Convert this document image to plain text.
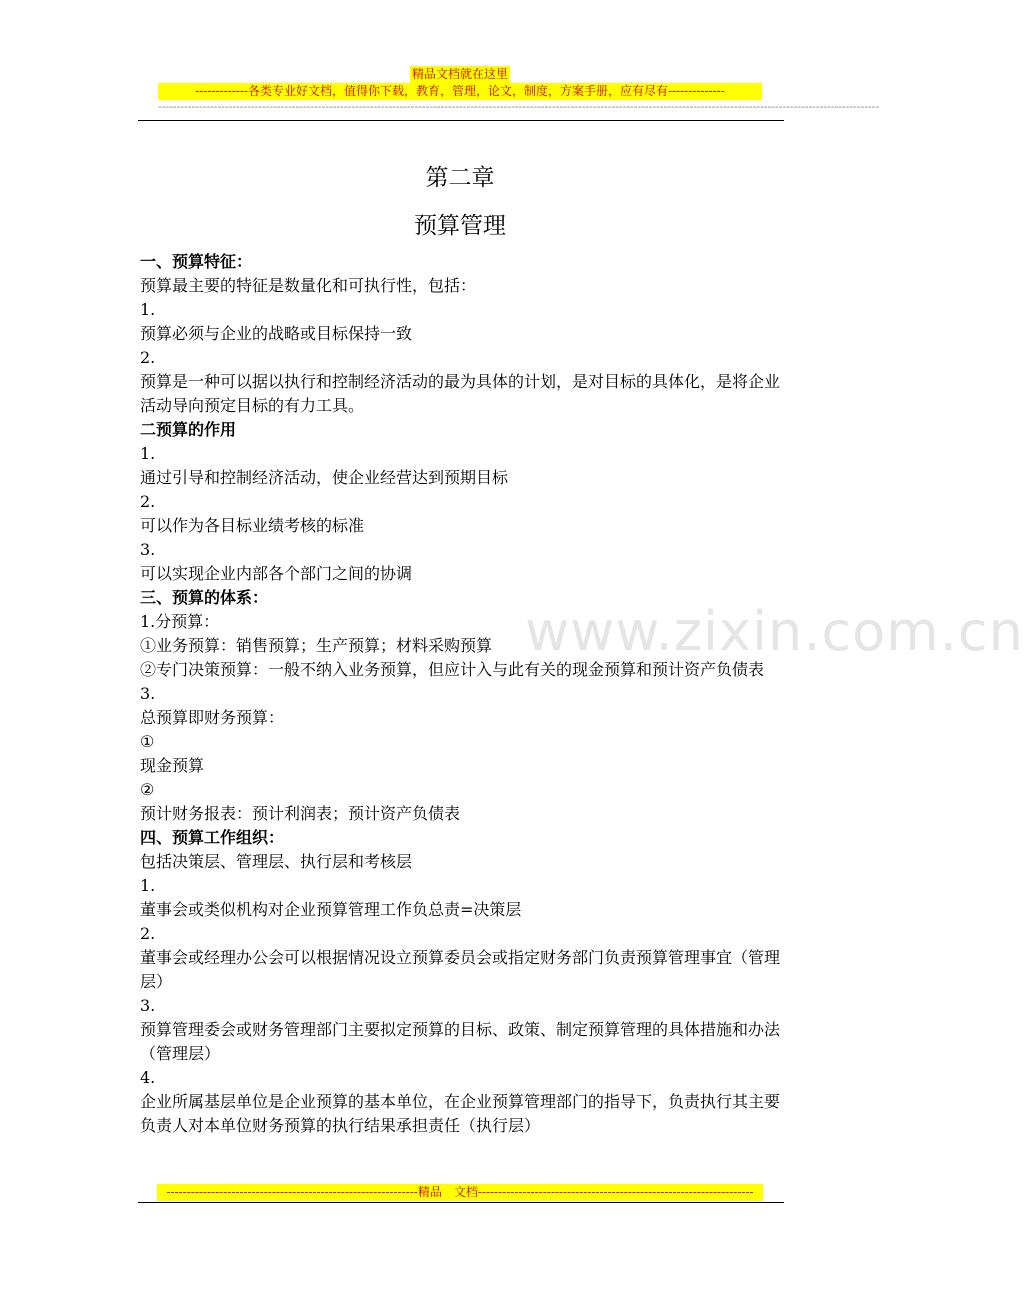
精品文档就在这里
-------------各类专业好文档，值得你下载，教育，管理，论文，制度，方案手册，应有尽有--------------
--------------------------------------------------------------------------------------------------------------------------------------------------------------------------------------------------
第二章
预算管理
一、预算特征：
预算最主要的特征是数量化和可执行性，包括：
1.
预算必须与企业的战略或目标保持一致
2.
预算是一种可以据以执行和控制经济活动的最为具体的计划，是对目标的具体化，是将企业活动导向预定目标的有力工具。
二预算的作用
1.
通过引导和控制经济活动，使企业经营达到预期目标
2.
可以作为各目标业绩考核的标准
3.
可以实现企业内部各个部门之间的协调
三、预算的体系：
1.分预算：
①业务预算：销售预算；生产预算；材料采购预算
②专门决策预算：一般不纳入业务预算，但应计入与此有关的现金预算和预计资产负债表
3.
总预算即财务预算：
①
现金预算
②
预计财务报表：预计利润表；预计资产负债表
四、预算工作组织：
包括决策层、管理层、执行层和考核层
1.
董事会或类似机构对企业预算管理工作负总责=决策层
2.
董事会或经理办公会可以根据情况设立预算委员会或指定财务部门负责预算管理事宜（管理层）
3.
预算管理委会或财务管理部门主要拟定预算的目标、政策、制定预算管理的具体措施和办法（管理层）
4.
企业所属基层单位是企业预算的基本单位，在企业预算管理部门的指导下，负责执行其主要负责人对本单位财务预算的执行结果承担责任（执行层）
www.zixin.com.cn
--------------------------------------------------------------精品　文档--------------------------------------------------------------------
